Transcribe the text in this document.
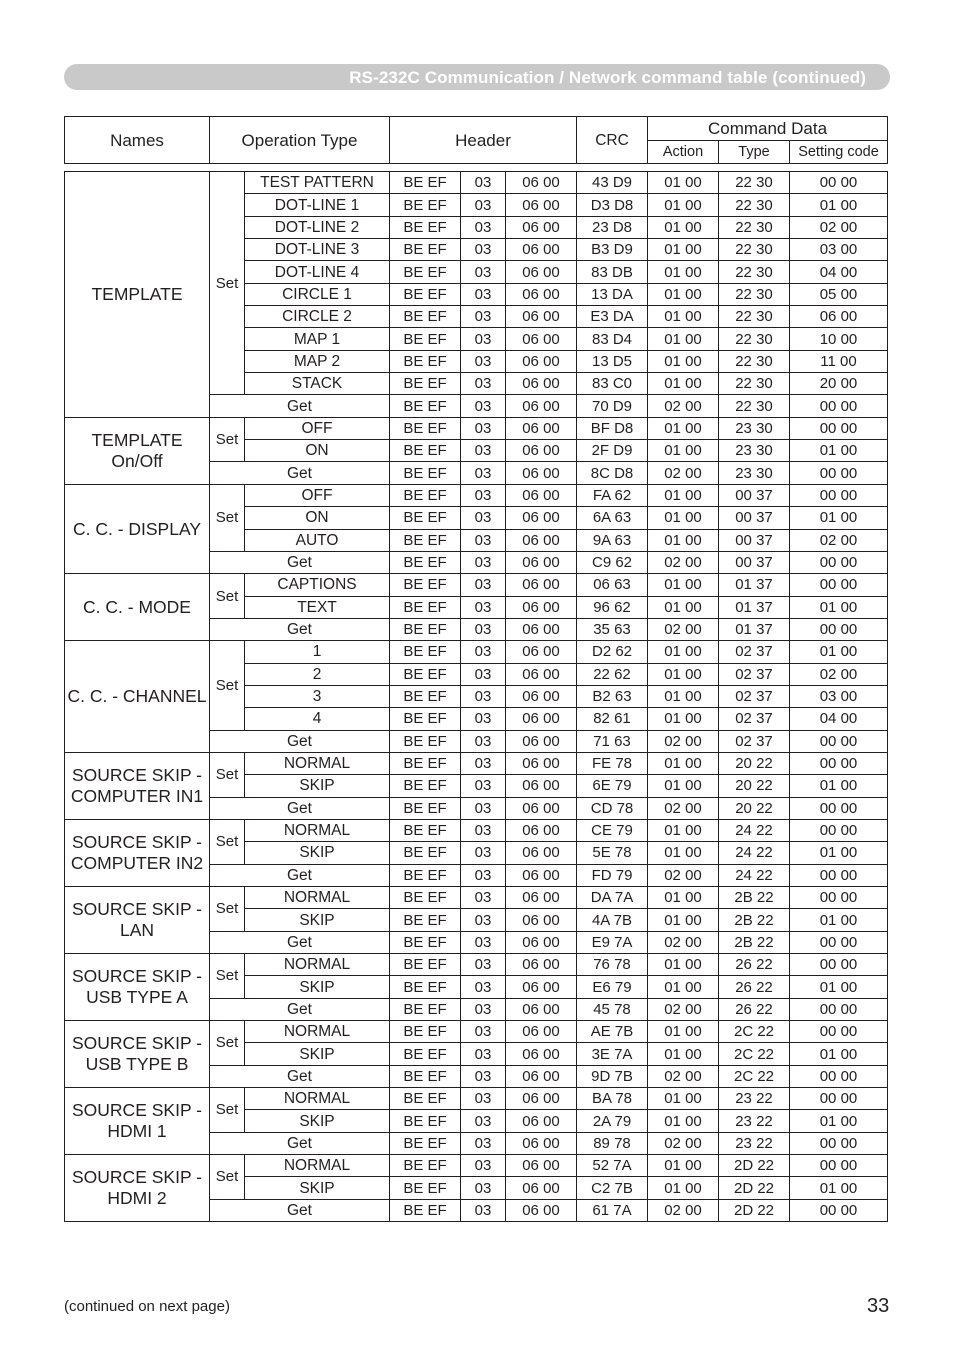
RS-232C Communication / Network command table (continued)
Names	Operation Type	Header	CRC	Command Data		
				Action	Type	Setting code
TEMPLATE	Set	TEST PATTERN	BE EF	03	06 00	43 D9	01 00	22 30	00 00
		DOT-LINE 1	BE EF	03	06 00	D3 D8	01 00	22 30	01 00
		DOT-LINE 2	BE EF	03	06 00	23 D8	01 00	22 30	02 00
		DOT-LINE 3	BE EF	03	06 00	B3 D9	01 00	22 30	03 00
		DOT-LINE 4	BE EF	03	06 00	83 DB	01 00	22 30	04 00
		CIRCLE 1	BE EF	03	06 00	13 DA	01 00	22 30	05 00
		CIRCLE 2	BE EF	03	06 00	E3 DA	01 00	22 30	06 00
		MAP 1	BE EF	03	06 00	83 D4	01 00	22 30	10 00
		MAP 2	BE EF	03	06 00	13 D5	01 00	22 30	11 00
		STACK	BE EF	03	06 00	83 C0	01 00	22 30	20 00
	Get		BE EF	03	06 00	70 D9	02 00	22 30	00 00
TEMPLATE On/Off	Set	OFF	BE EF	03	06 00	BF D8	01 00	23 30	00 00
		ON	BE EF	03	06 00	2F D9	01 00	23 30	01 00
	Get		BE EF	03	06 00	8C D8	02 00	23 30	00 00
C. C. - DISPLAY	Set	OFF	BE EF	03	06 00	FA 62	01 00	00 37	00 00
		ON	BE EF	03	06 00	6A 63	01 00	00 37	01 00
		AUTO	BE EF	03	06 00	9A 63	01 00	00 37	02 00
	Get		BE EF	03	06 00	C9 62	02 00	00 37	00 00
C. C. - MODE	Set	CAPTIONS	BE EF	03	06 00	06 63	01 00	01 37	00 00
		TEXT	BE EF	03	06 00	96 62	01 00	01 37	01 00
	Get		BE EF	03	06 00	35 63	02 00	01 37	00 00
C. C. - CHANNEL	Set	1	BE EF	03	06 00	D2 62	01 00	02 37	01 00
		2	BE EF	03	06 00	22 62	01 00	02 37	02 00
		3	BE EF	03	06 00	B2 63	01 00	02 37	03 00
		4	BE EF	03	06 00	82 61	01 00	02 37	04 00
	Get		BE EF	03	06 00	71 63	02 00	02 37	00 00
SOURCE SKIP - COMPUTER IN1	Set	NORMAL	BE EF	03	06 00	FE 78	01 00	20 22	00 00
		SKIP	BE EF	03	06 00	6E 79	01 00	20 22	01 00
	Get		BE EF	03	06 00	CD 78	02 00	20 22	00 00
SOURCE SKIP - COMPUTER IN2	Set	NORMAL	BE EF	03	06 00	CE 79	01 00	24 22	00 00
		SKIP	BE EF	03	06 00	5E 78	01 00	24 22	01 00
	Get		BE EF	03	06 00	FD 79	02 00	24 22	00 00
SOURCE SKIP - LAN	Set	NORMAL	BE EF	03	06 00	DA 7A	01 00	2B 22	00 00
		SKIP	BE EF	03	06 00	4A 7B	01 00	2B 22	01 00
	Get		BE EF	03	06 00	E9 7A	02 00	2B 22	00 00
SOURCE SKIP - USB TYPE A	Set	NORMAL	BE EF	03	06 00	76 78	01 00	26 22	00 00
		SKIP	BE EF	03	06 00	E6 79	01 00	26 22	01 00
	Get		BE EF	03	06 00	45 78	02 00	26 22	00 00
SOURCE SKIP - USB TYPE B	Set	NORMAL	BE EF	03	06 00	AE 7B	01 00	2C 22	00 00
		SKIP	BE EF	03	06 00	3E 7A	01 00	2C 22	01 00
	Get		BE EF	03	06 00	9D 7B	02 00	2C 22	00 00
SOURCE SKIP - HDMI 1	Set	NORMAL	BE EF	03	06 00	BA 78	01 00	23 22	00 00
		SKIP	BE EF	03	06 00	2A 79	01 00	23 22	01 00
	Get		BE EF	03	06 00	89 78	02 00	23 22	00 00
SOURCE SKIP - HDMI 2	Set	NORMAL	BE EF	03	06 00	52 7A	01 00	2D 22	00 00
		SKIP	BE EF	03	06 00	C2 7B	01 00	2D 22	01 00
	Get		BE EF	03	06 00	61 7A	02 00	2D 22	00 00
(continued on next page)	33
